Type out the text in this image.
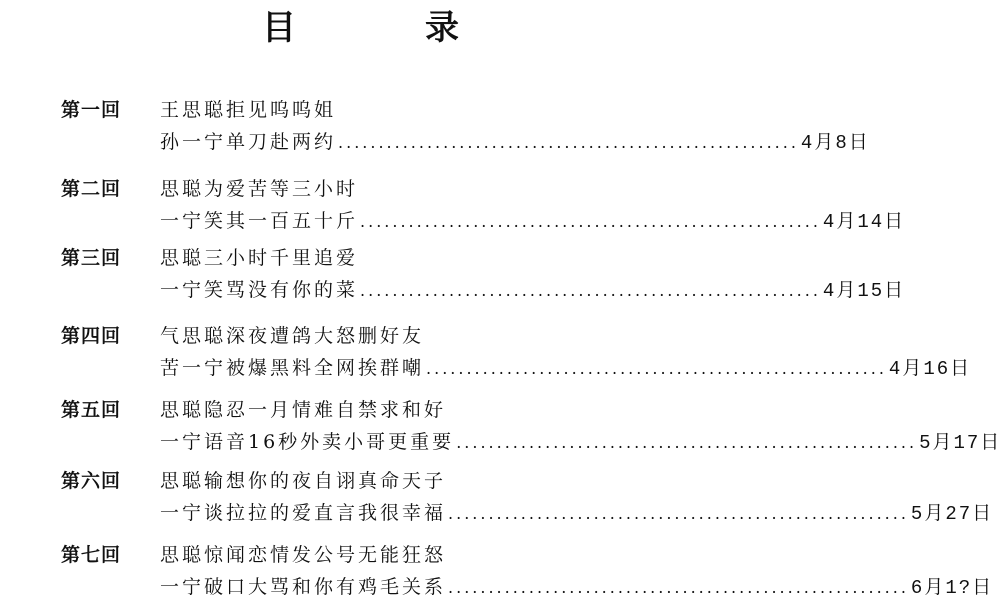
目	录
第一回 王思聪拒见呜呜姐
孙一宁单刀赴两约 ......................................................... 4月8日
第二回 思聪为爱苦等三小时
一宁笑其一百五十斤 ......................................................... 4月14日
第三回 思聪三小时千里追爱
一宁笑骂没有你的菜 ......................................................... 4月15日
第四回 气思聪深夜遭鸽大怒删好友
苦一宁被爆黑料全网挨群嘲 ......................................................... 4月16日
第五回 思聪隐忍一月情难自禁求和好
一宁语音16秒外卖小哥更重要 ......................................................... 5月17日
第六回 思聪输想你的夜自诩真命天子
一宁谈拉拉的爱直言我很幸福 ......................................................... 5月27日
第七回 思聪惊闻恋情发公号无能狂怒
一宁破口大骂和你有鸡毛关系 ......................................................... 6月1?日
